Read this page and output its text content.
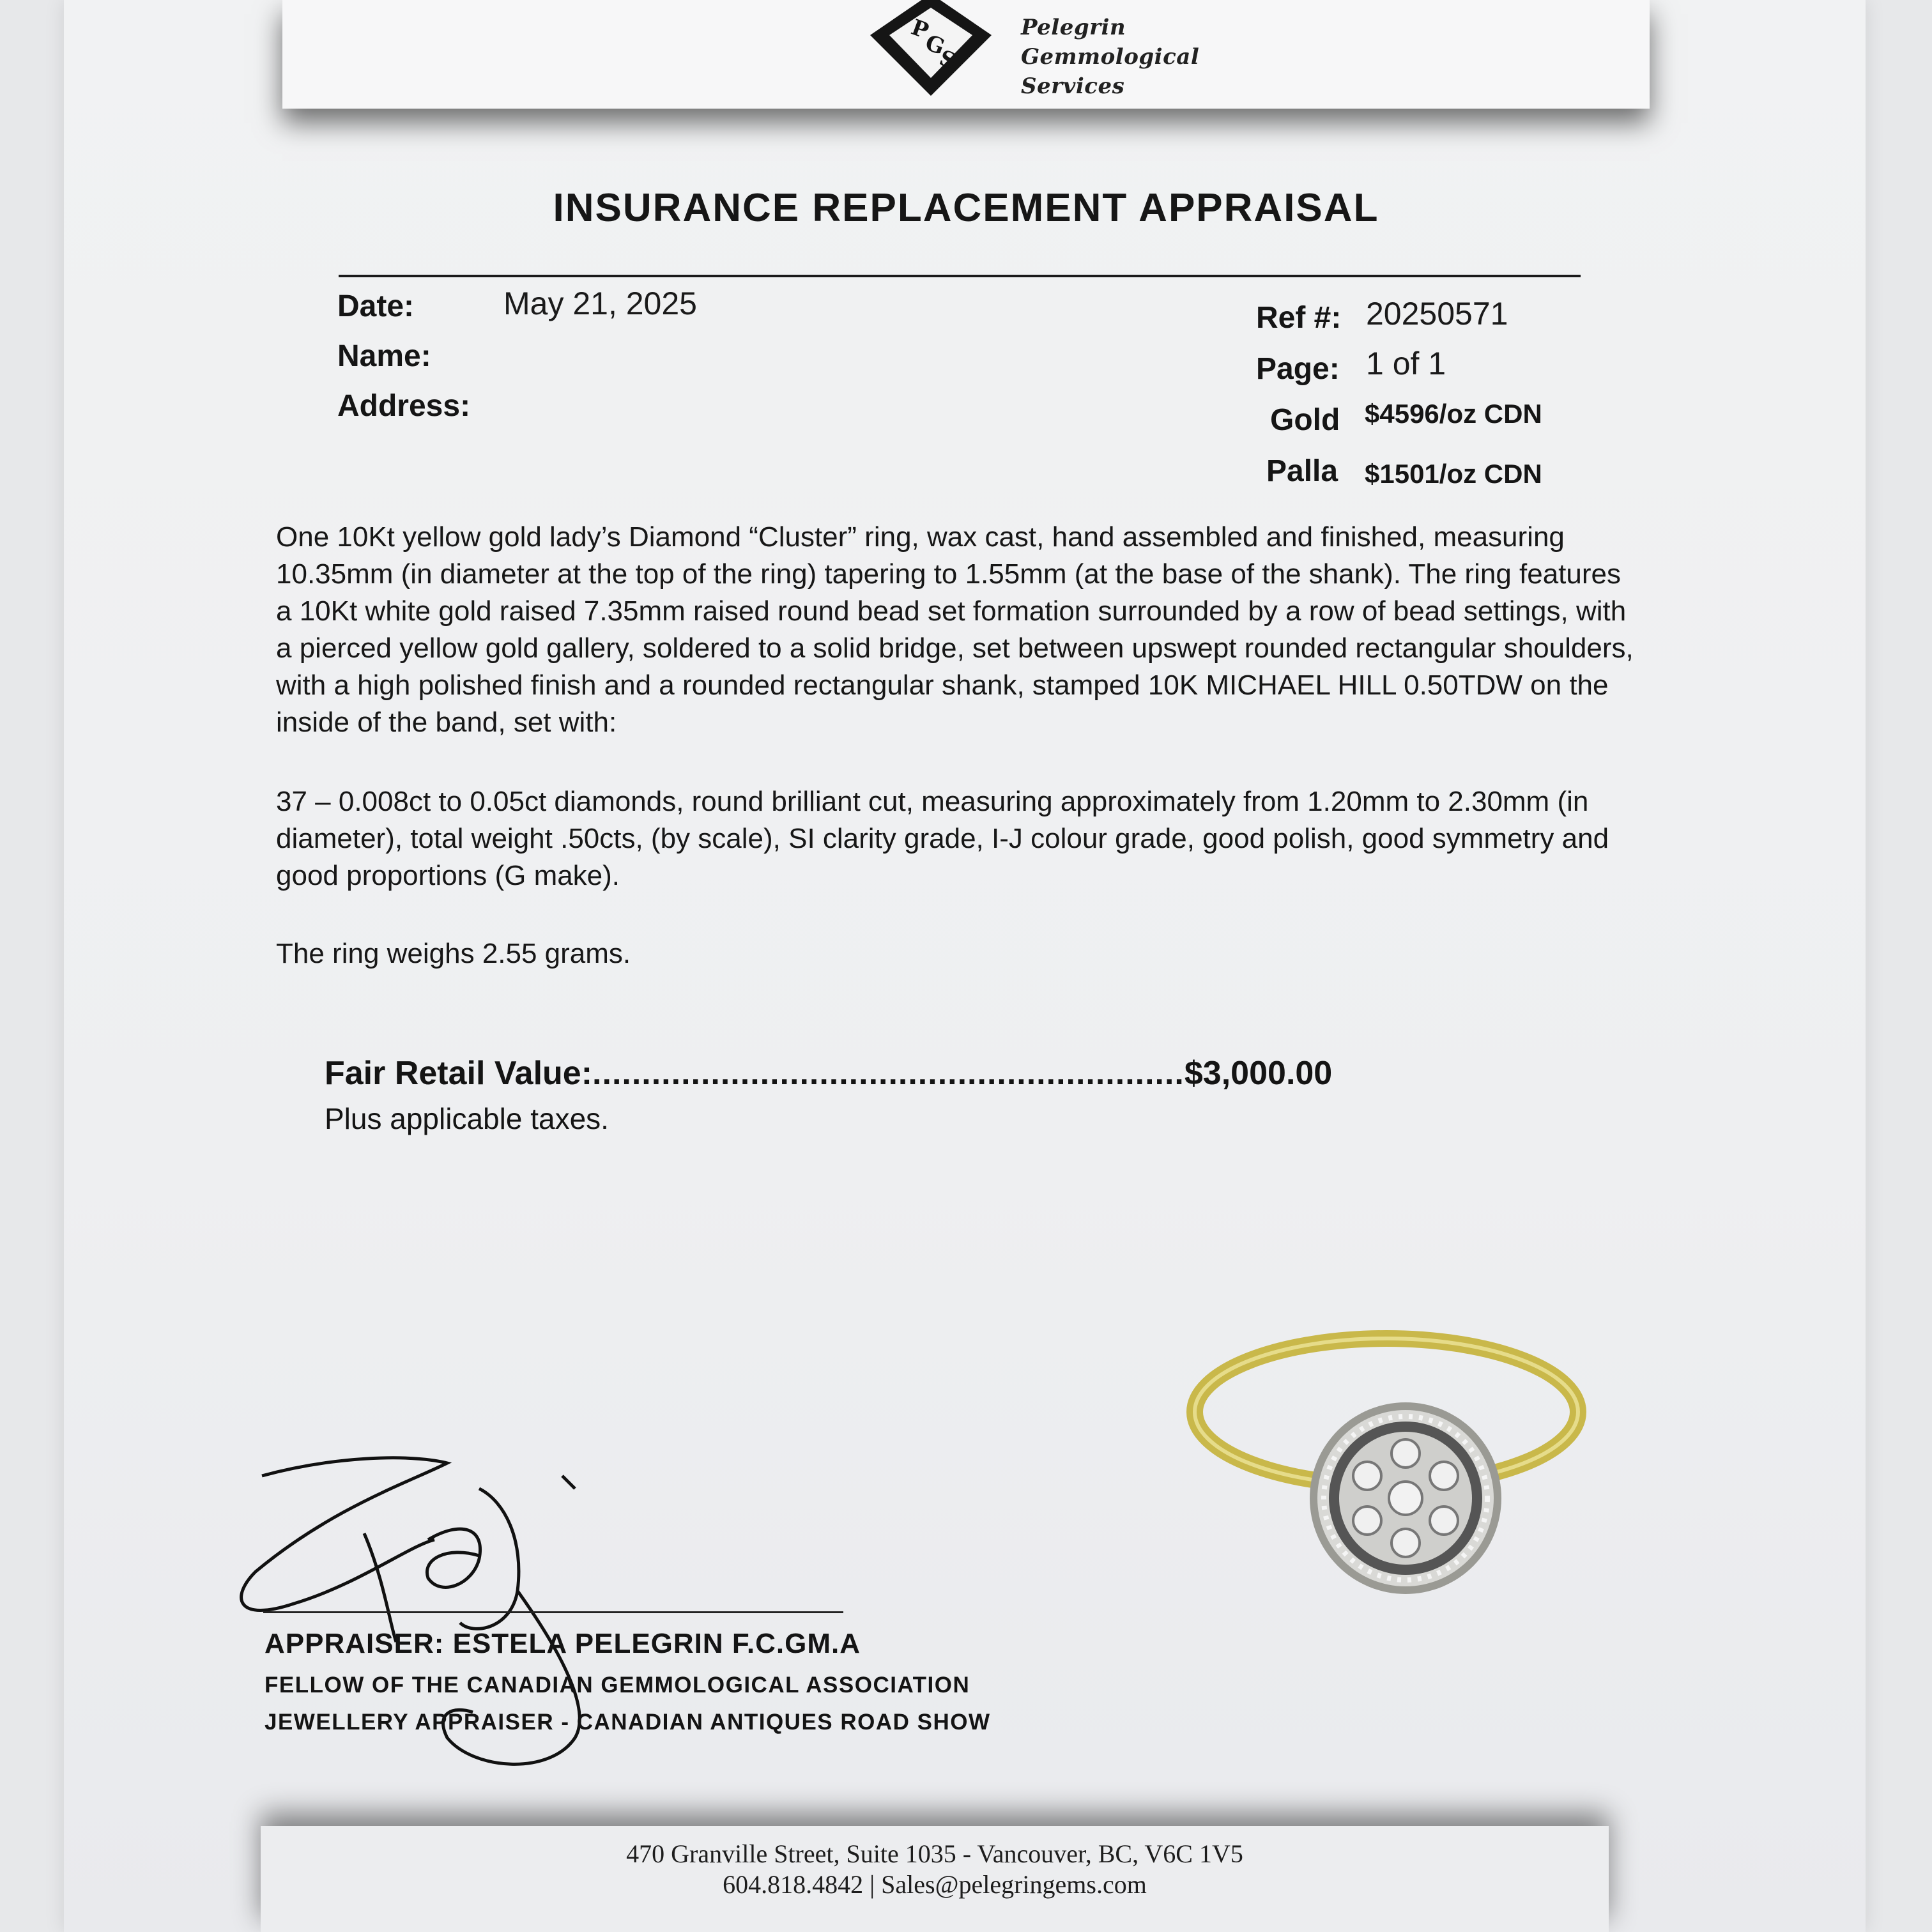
P
G
S
Pelegrin
Gemmological
Services
INSURANCE REPLACEMENT APPRAISAL
Date:	May 21, 2025
Name:
Address:
Ref #: 20250571
Page: 1 of 1
Gold $4596/oz CDN
Palla $1501/oz CDN
One 10Kt yellow gold lady’s Diamond “Cluster” ring, wax cast, hand assembled and finished, measuring 10.35mm (in diameter at the top of the ring) tapering to 1.55mm (at the base of the shank). The ring features a 10Kt white gold raised 7.35mm raised round bead set formation surrounded by a row of bead settings, with a pierced yellow gold gallery, soldered to a solid bridge, set between upswept rounded rectangular shoulders, with a high polished finish and a rounded rectangular shank, stamped 10K MICHAEL HILL 0.50TDW on the inside of the band, set with:
37 – 0.008ct to 0.05ct diamonds, round brilliant cut, measuring approximately from 1.20mm to 2.30mm (in diameter), total weight .50cts, (by scale), SI clarity grade, I-J colour grade, good polish, good symmetry and good proportions (G make).
The ring weighs 2.55 grams.
Fair Retail Value:............................................................$3,000.00
Plus applicable taxes.
APPRAISER: ESTELA PELEGRIN F.C.GM.A
FELLOW OF THE CANADIAN GEMMOLOGICAL ASSOCIATION
JEWELLERY APPRAISER - CANADIAN ANTIQUES ROAD SHOW
470 Granville Street, Suite 1035 - Vancouver, BC, V6C 1V5
604.818.4842 | Sales@pelegringems.com
